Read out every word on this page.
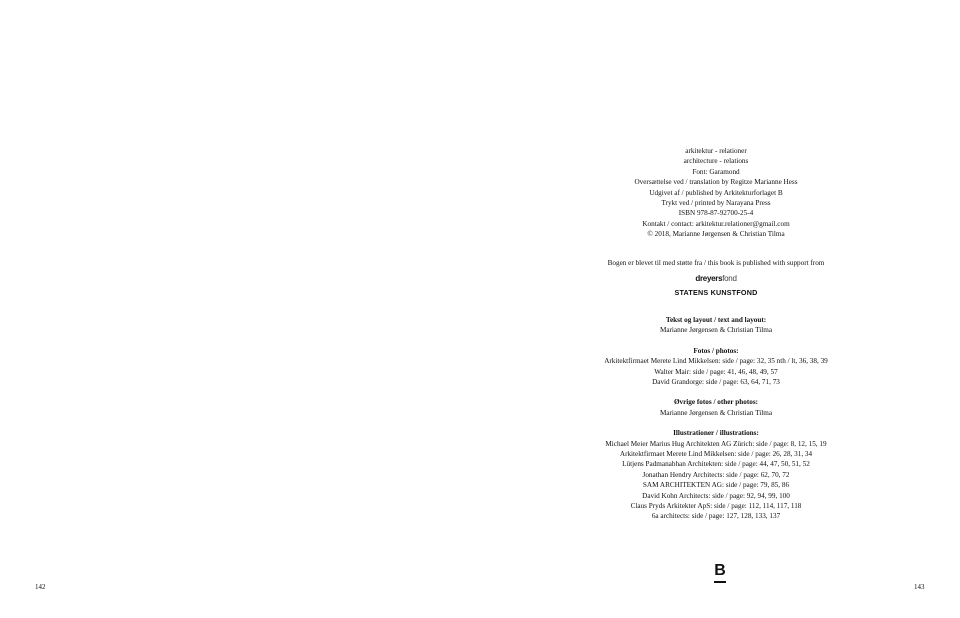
142	143
arkitektur - relationer
architecture - relations
Font: Garamond
Oversættelse ved / translation by Regitze Marianne Hess
Udgivet af / published by Arkitekturforlaget B
Trykt ved / printed by Narayana Press
ISBN 978-87-92700-25-4
Kontakt / contact: arkitektur.relationer@gmail.com
© 2018, Marianne Jørgensen & Christian Tilma
Bogen er blevet til med støtte fra / this book is published with support from
dreyersfond
STATENS KUNSTFOND
Tekst og layout / text and layout:
Marianne Jørgensen & Christian Tilma
Fotos / photos:
Arkitektfirmaet Merete Lind Mikkelsen: side / page: 32, 35 nth / lt, 36, 38, 39
Walter Mair: side / page: 41, 46, 48, 49, 57
David Grandorge: side / page: 63, 64, 71, 73
Øvrige fotos / other photos:
Marianne Jørgensen & Christian Tilma
Illustrationer / illustrations:
Michael Meier Marius Hug Architekten AG Zürich: side / page: 8, 12, 15, 19
Arkitektfirmaet Merete Lind Mikkelsen: side / page: 26, 28, 31, 34
Lütjens Padmanabhan Architekten: side / page: 44, 47, 50, 51, 52
Jonathan Hendry Architects: side / page: 62, 70, 72
SAM ARCHITEKTEN AG: side / page: 79, 85, 86
David Kohn Architects: side / page: 92, 94, 99, 100
Claus Pryds Arkitekter ApS: side / page: 112, 114, 117, 118
6a architects: side / page: 127, 128, 133, 137
B
